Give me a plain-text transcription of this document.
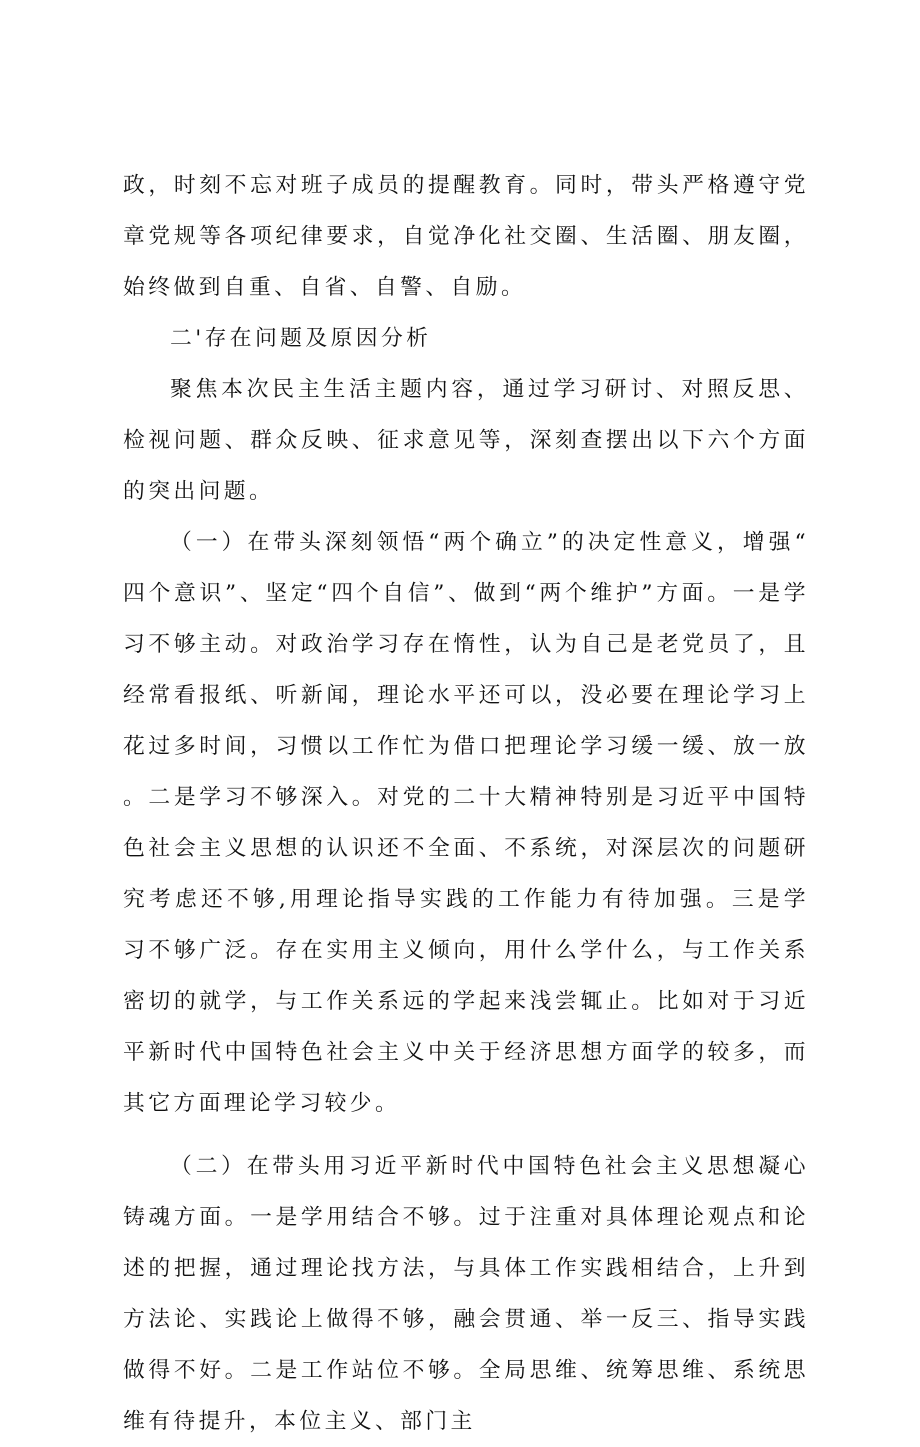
政，时刻不忘对班子成员的提醒教育。同时，带头严格遵守党章党规等各项纪律要求，自觉净化社交圈、生活圈、朋友圈，始终做到自重、自省、自警、自励。

二'存在问题及原因分析

聚焦本次民主生活主题内容，通过学习研讨、对照反思、检视问题、群众反映、征求意见等，深刻查摆出以下六个方面的突出问题。

（一）在带头深刻领悟“两个确立”的决定性意义，增强“四个意识”、坚定“四个自信”、做到“两个维护”方面。一是学习不够主动。对政治学习存在惰性，认为自己是老党员了，且经常看报纸、听新闻，理论水平还可以，没必要在理论学习上花过多时间，习惯以工作忙为借口把理论学习缓一缓、放一放。二是学习不够深入。对党的二十大精神特别是习近平中国特色社会主义思想的认识还不全面、不系统，对深层次的问题研究考虑还不够,用理论指导实践的工作能力有待加强。三是学习不够广泛。存在实用主义倾向，用什么学什么，与工作关系密切的就学，与工作关系远的学起来浅尝辄止。比如对于习近平新时代中国特色社会主义中关于经济思想方面学的较多，而其它方面理论学习较少。

（二）在带头用习近平新时代中国特色社会主义思想凝心铸魂方面。一是学用结合不够。过于注重对具体理论观点和论述的把握，通过理论找方法，与具体工作实践相结合，上升到方法论、实践论上做得不够，融会贯通、举一反三、指导实践做得不好。二是工作站位不够。全局思维、统筹思维、系统思维有待提升，本位主义、部门主
